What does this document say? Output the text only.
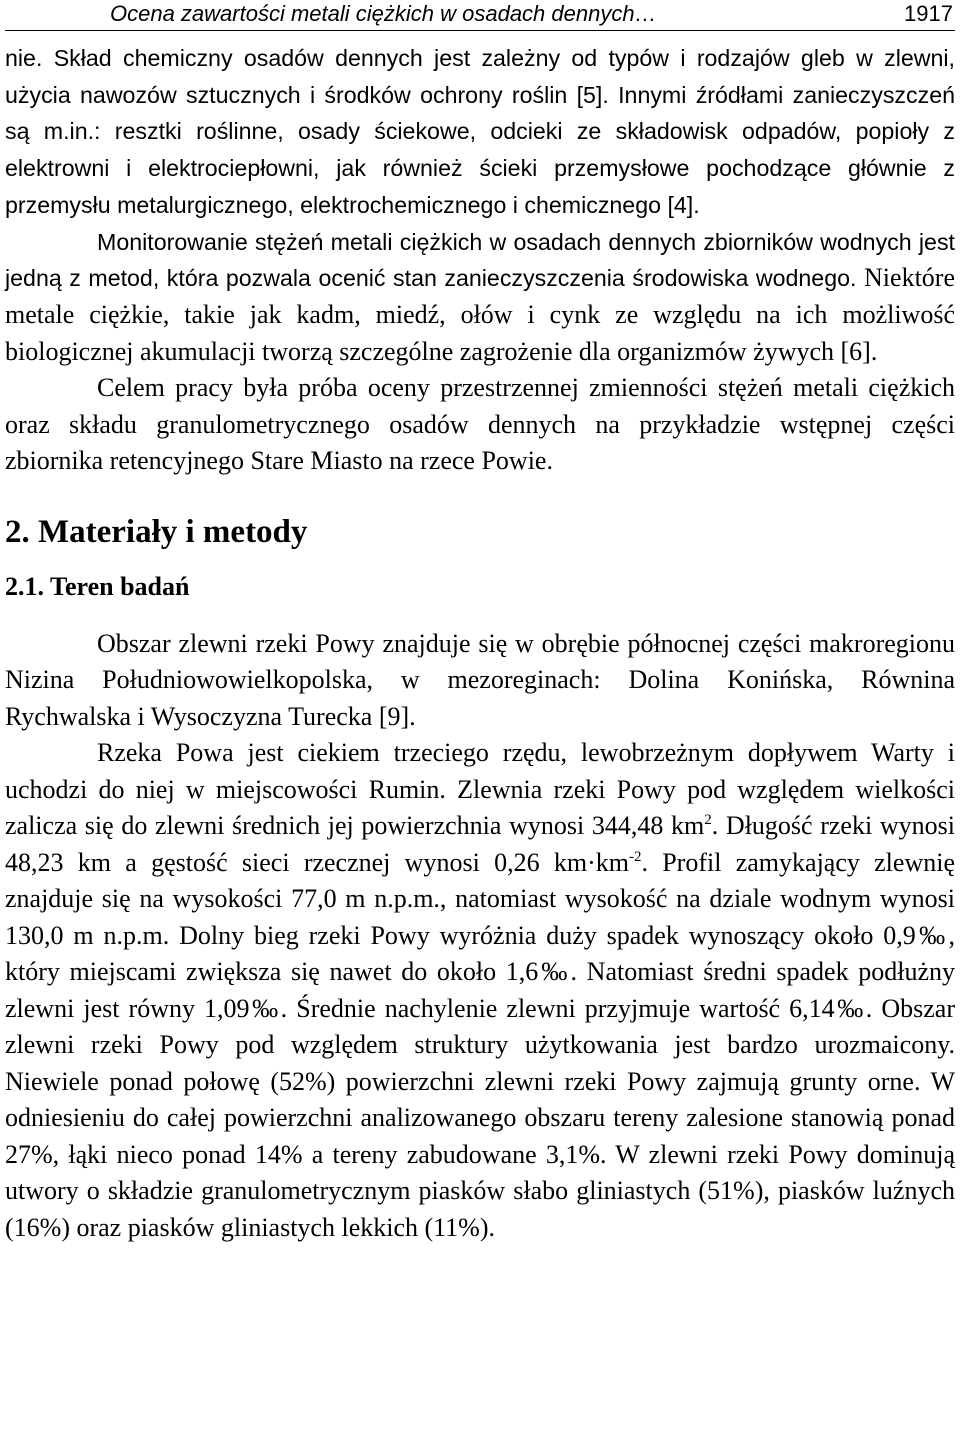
Ocena zawartości metali ciężkich w osadach dennych…	1917

nie. Skład chemiczny osadów dennych jest zależny od typów i rodzajów gleb w zlewni, użycia nawozów sztucznych i środków ochrony roślin [5]. Innymi źródłami zanieczyszczeń są m.in.: resztki roślinne, osady ściekowe, odcieki ze składowisk odpadów, popioły z elektrowni i elektrociepłowni, jak również ścieki przemysłowe pochodzące głównie z przemysłu metalurgicznego, elektrochemicznego i chemicznego [4].

Monitorowanie stężeń metali ciężkich w osadach dennych zbiorników wodnych jest jedną z metod, która pozwala ocenić stan zanieczyszczenia środowiska wodnego. Niektóre metale ciężkie, takie jak kadm, miedź, ołów i cynk ze względu na ich możliwość biologicznej akumulacji tworzą szczególne zagrożenie dla organizmów żywych [6].

Celem pracy była próba oceny przestrzennej zmienności stężeń metali ciężkich oraz składu granulometrycznego osadów dennych na przykładzie wstępnej części zbiornika retencyjnego Stare Miasto na rzece Powie.

2. Materiały i metody
2.1. Teren badań

Obszar zlewni rzeki Powy znajduje się w obrębie północnej części makroregionu Nizina Południowowielkopolska, w mezoreginach: Dolina Konińska, Równina Rychwalska i Wysoczyzna Turecka [9].

Rzeka Powa jest ciekiem trzeciego rzędu, lewobrzeżnym dopływem Warty i uchodzi do niej w miejscowości Rumin. Zlewnia rzeki Powy pod względem wielkości zalicza się do zlewni średnich jej powierzchnia wynosi 344,48 $km^2$. Długość rzeki wynosi 48,23 km a gęstość sieci rzecznej wynosi 0,26 $km\cdot km^{-2}$. Profil zamykający zlewnię znajduje się na wysokości 77,0 m n.p.m., natomiast wysokość na dziale wodnym wynosi 130,0 m n.p.m. Dolny bieg rzeki Powy wyróżnia duży spadek wynoszący około 0,9‰, który miejscami zwiększa się nawet do około 1,6‰. Natomiast średni spadek podłużny zlewni jest równy 1,09‰. Średnie nachylenie zlewni przyjmuje wartość 6,14‰. Obszar zlewni rzeki Powy pod względem struktury użytkowania jest bardzo urozmaicony. Niewiele ponad połowę (52%) powierzchni zlewni rzeki Powy zajmują grunty orne. W odniesieniu do całej powierzchni analizowanego obszaru tereny zalesione stanowią ponad 27%, łąki nieco ponad 14% a tereny zabudowane 3,1%. W zlewni rzeki Powy dominują utwory o składzie granulometrycznym piasków słabo gliniastych (51%), piasków luźnych (16%) oraz piasków gliniastych lekkich (11%).
